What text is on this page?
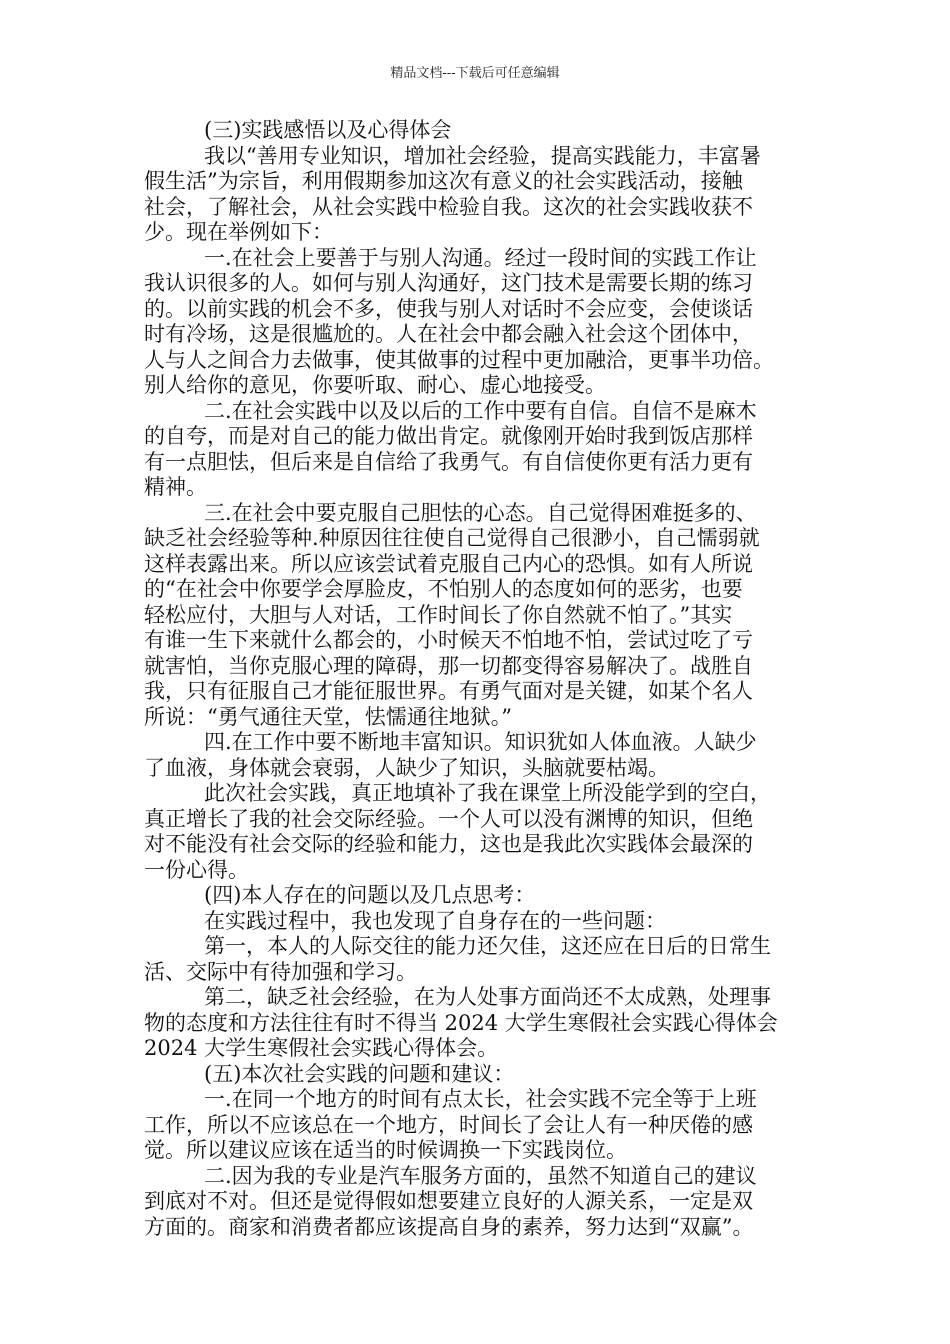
精品文档---下载后可任意编辑
(三)实践感悟以及心得体会
我以“善用专业知识，增加社会经验，提高实践能力，丰富暑
假生活”为宗旨，利用假期参加这次有意义的社会实践活动，接触
社会，了解社会，从社会实践中检验自我。这次的社会实践收获不
少。现在举例如下：
一.在社会上要善于与别人沟通。经过一段时间的实践工作让
我认识很多的人。如何与别人沟通好，这门技术是需要长期的练习
的。以前实践的机会不多，使我与别人对话时不会应变，会使谈话
时有冷场，这是很尴尬的。人在社会中都会融入社会这个团体中，
人与人之间合力去做事，使其做事的过程中更加融洽，更事半功倍。
别人给你的意见，你要听取、耐心、虚心地接受。
二.在社会实践中以及以后的工作中要有自信。自信不是麻木
的自夸，而是对自己的能力做出肯定。就像刚开始时我到饭店那样
有一点胆怯，但后来是自信给了我勇气。有自信使你更有活力更有
精神。
三.在社会中要克服自己胆怯的心态。自己觉得困难挺多的、
缺乏社会经验等种.种原因往往使自己觉得自己很渺小，自己懦弱就
这样表露出来。所以应该尝试着克服自己内心的恐惧。如有人所说
的“在社会中你要学会厚脸皮，不怕别人的态度如何的恶劣，也要
轻松应付，大胆与人对话，工作时间长了你自然就不怕了。”其实
有谁一生下来就什么都会的，小时候天不怕地不怕，尝试过吃了亏
就害怕，当你克服心理的障碍，那一切都变得容易解决了。战胜自
我，只有征服自己才能征服世界。有勇气面对是关键，如某个名人
所说：“勇气通往天堂，怯懦通往地狱。”
四.在工作中要不断地丰富知识。知识犹如人体血液。人缺少
了血液，身体就会衰弱，人缺少了知识，头脑就要枯竭。
此次社会实践，真正地填补了我在课堂上所没能学到的空白，
真正增长了我的社会交际经验。一个人可以没有渊博的知识，但绝
对不能没有社会交际的经验和能力，这也是我此次实践体会最深的
一份心得。
(四)本人存在的问题以及几点思考：
在实践过程中，我也发现了自身存在的一些问题：
第一，本人的人际交往的能力还欠佳，这还应在日后的日常生
活、交际中有待加强和学习。
第二，缺乏社会经验，在为人处事方面尚还不太成熟，处理事
物的态度和方法往往有时不得当 2024 大学生寒假社会实践心得体会
2024 大学生寒假社会实践心得体会。
(五)本次社会实践的问题和建议：
一.在同一个地方的时间有点太长，社会实践不完全等于上班
工作，所以不应该总在一个地方，时间长了会让人有一种厌倦的感
觉。所以建议应该在适当的时候调换一下实践岗位。
二.因为我的专业是汽车服务方面的，虽然不知道自己的建议
到底对不对。但还是觉得假如想要建立良好的人源关系，一定是双
方面的。商家和消费者都应该提高自身的素养，努力达到“双赢”。
